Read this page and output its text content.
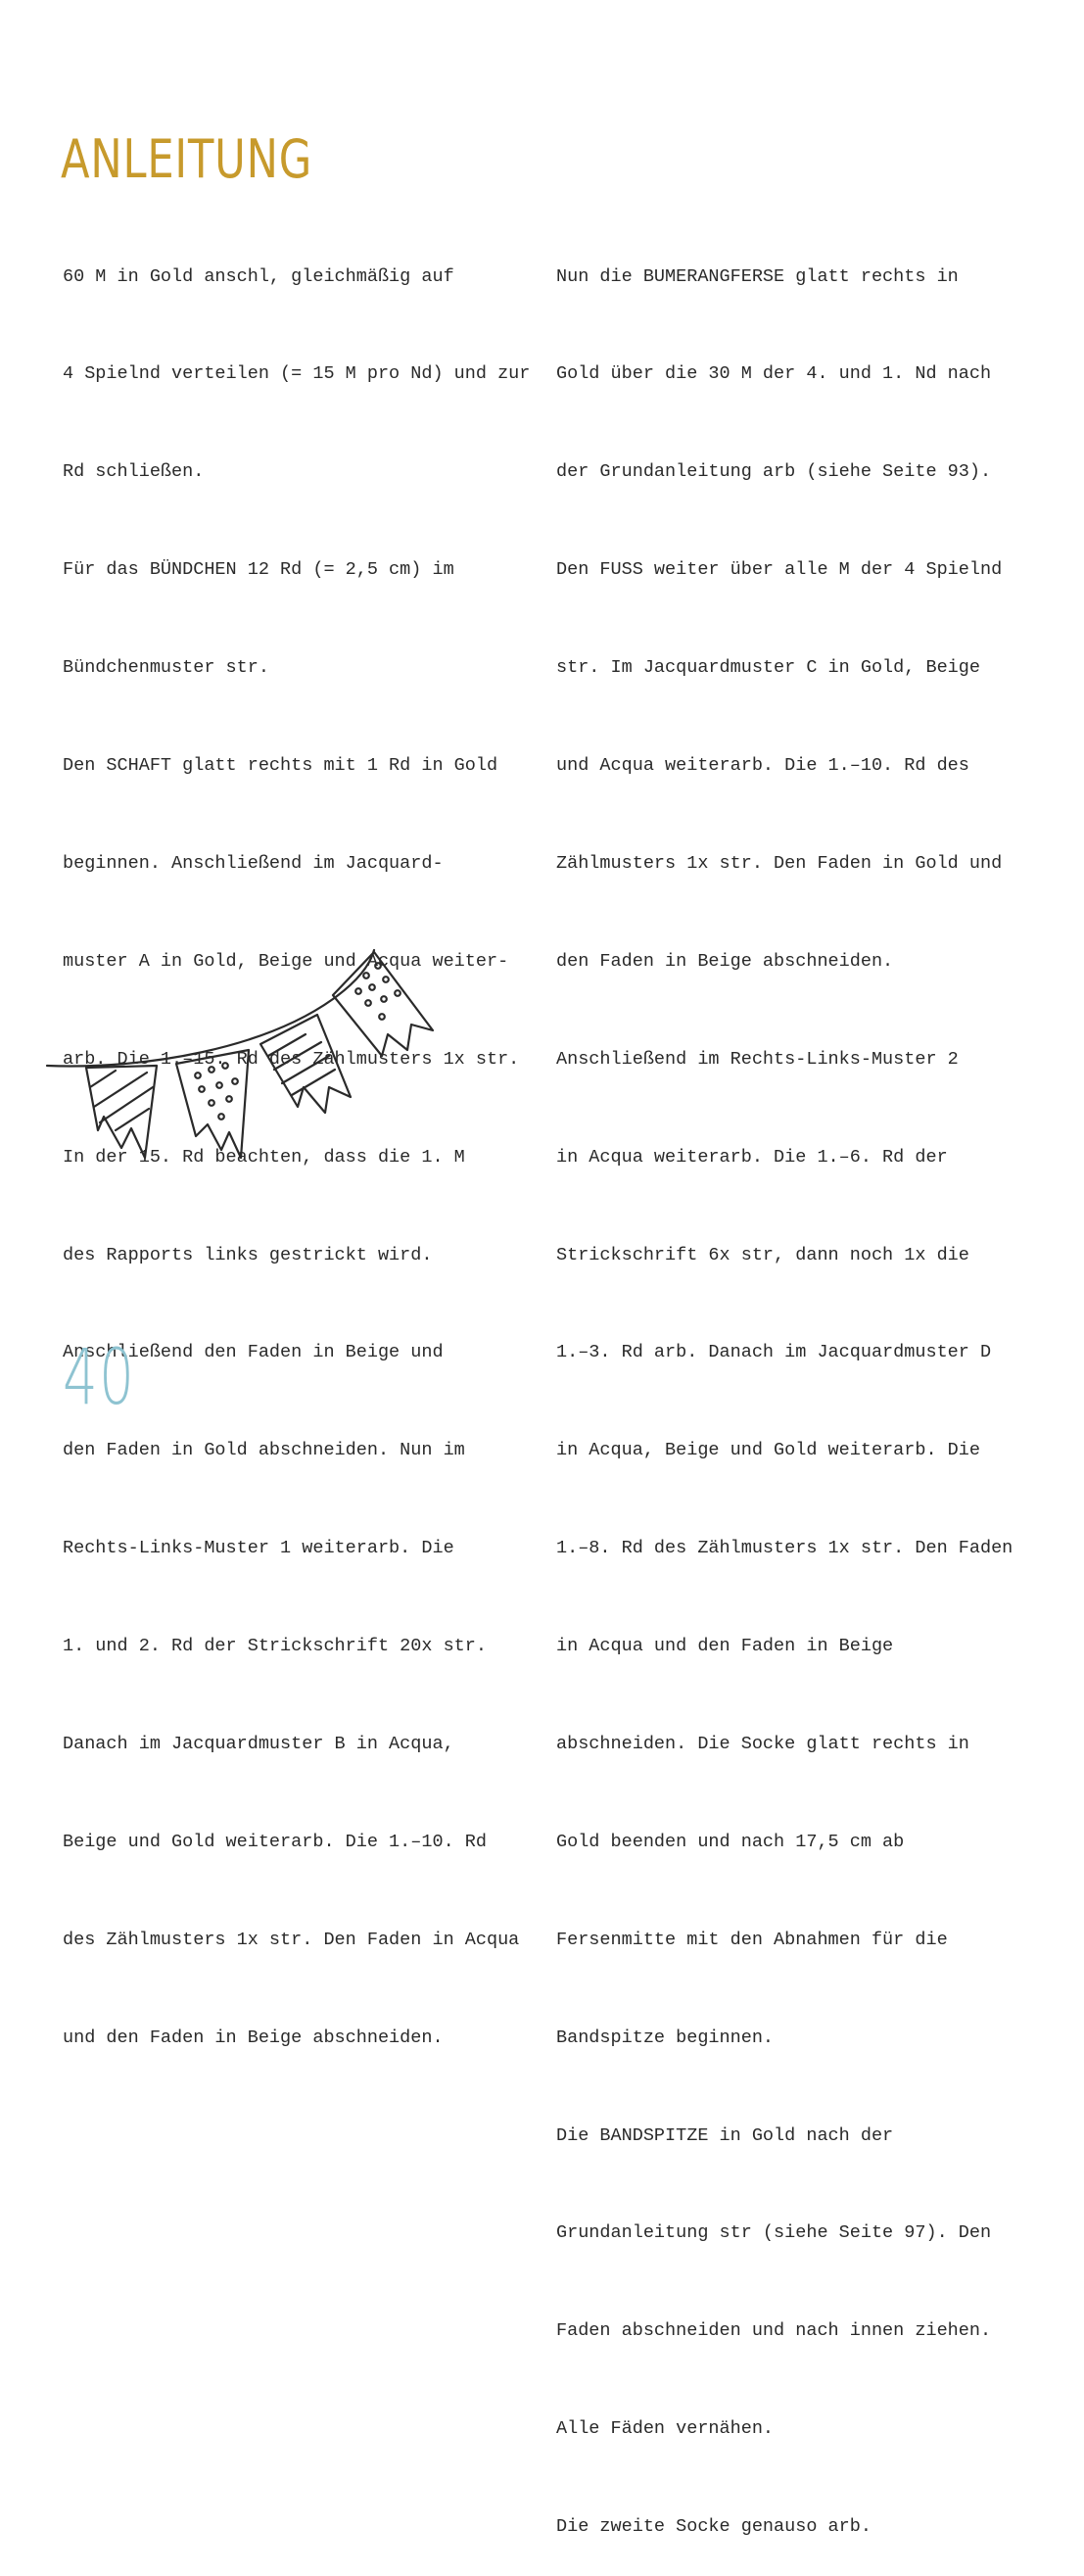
ANLEITUNG

60 M in Gold anschl, gleichmäßig auf

4 Spielnd verteilen (= 15 M pro Nd) und zur

Rd schließen.

Für das BÜNDCHEN 12 Rd (= 2,5 cm) im

Bündchenmuster str.

Den SCHAFT glatt rechts mit 1 Rd in Gold

beginnen. Anschließend im Jacquard-

muster A in Gold, Beige und Acqua weiter-

arb. Die 1.–15. Rd des Zählmusters 1x str.

In der 15. Rd beachten, dass die 1. M

des Rapports links gestrickt wird.

Anschließend den Faden in Beige und

den Faden in Gold abschneiden. Nun im

Rechts-Links-Muster 1 weiterarb. Die

1. und 2. Rd der Strickschrift 20x str.

Danach im Jacquardmuster B in Acqua,

Beige und Gold weiterarb. Die 1.–10. Rd

des Zählmusters 1x str. Den Faden in Acqua

und den Faden in Beige abschneiden.

Nun die BUMERANGFERSE glatt rechts in

Gold über die 30 M der 4. und 1. Nd nach

der Grundanleitung arb (siehe Seite 93).

Den FUSS weiter über alle M der 4 Spielnd

str. Im Jacquardmuster C in Gold, Beige

und Acqua weiterarb. Die 1.–10. Rd des

Zählmusters 1x str. Den Faden in Gold und

den Faden in Beige abschneiden.

Anschließend im Rechts-Links-Muster 2

in Acqua weiterarb. Die 1.–6. Rd der

Strickschrift 6x str, dann noch 1x die

1.–3. Rd arb. Danach im Jacquardmuster D

in Acqua, Beige und Gold weiterarb. Die

1.–8. Rd des Zählmusters 1x str. Den Faden

in Acqua und den Faden in Beige

abschneiden. Die Socke glatt rechts in

Gold beenden und nach 17,5 cm ab

Fersenmitte mit den Abnahmen für die

Bandspitze beginnen.

Die BANDSPITZE in Gold nach der

Grundanleitung str (siehe Seite 97). Den

Faden abschneiden und nach innen ziehen.

Alle Fäden vernähen.

Die zweite Socke genauso arb.

40
